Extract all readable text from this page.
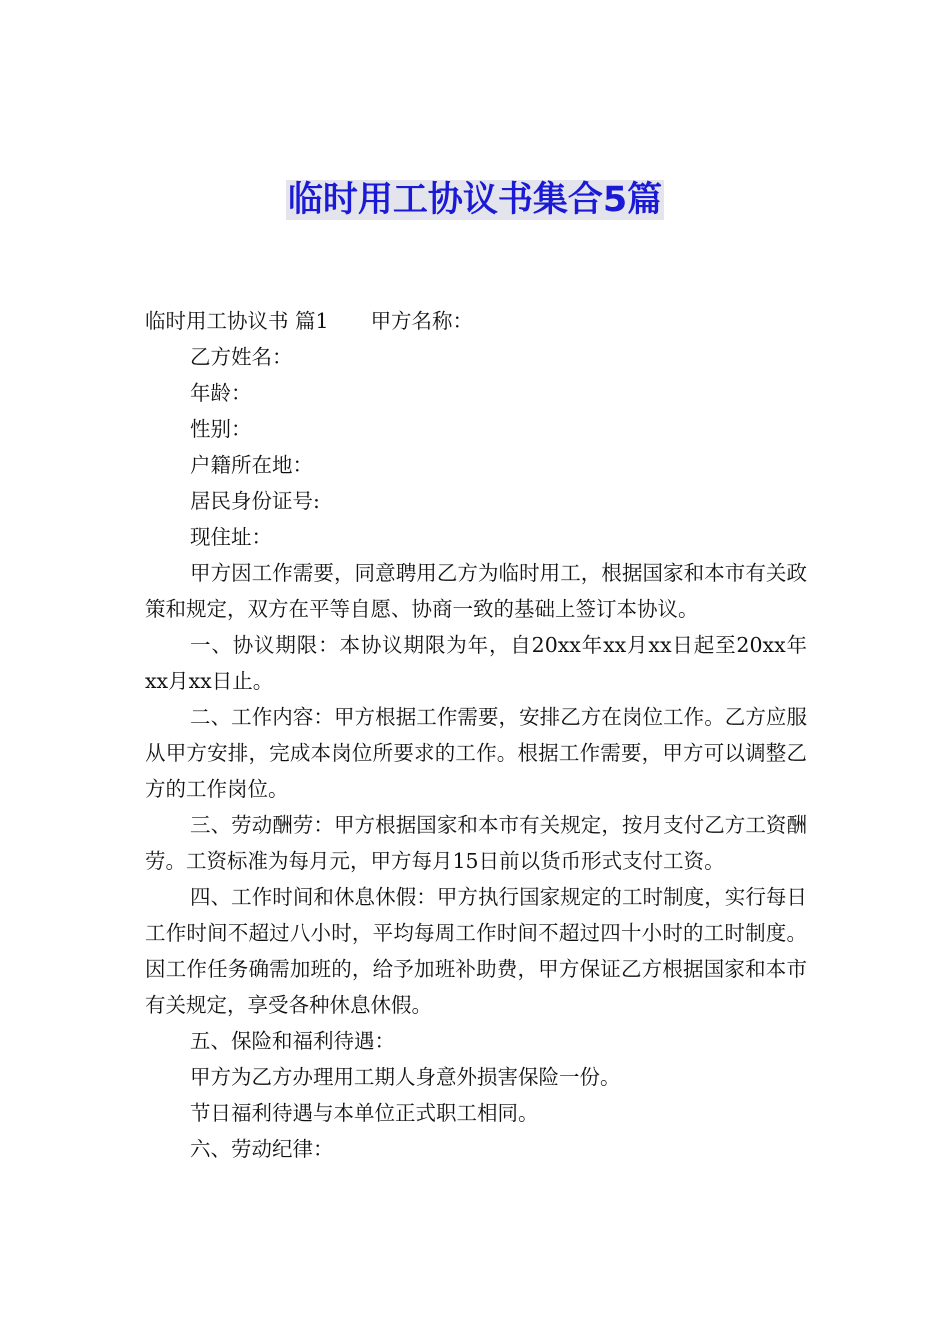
临时用工协议书集合5篇

临时用工协议书 篇1 甲方名称：

乙方姓名：

年龄：

性别：

户籍所在地：

居民身份证号:

现住址：

甲方因工作需要，同意聘用乙方为临时用工，根据国家和本市有关政策和规定，双方在平等自愿、协商一致的基础上签订本协议。

一、协议期限：本协议期限为年，自20xx年xx月xx日起至20xx年xx月xx日止。

二、工作内容：甲方根据工作需要，安排乙方在岗位工作。乙方应服从甲方安排，完成本岗位所要求的工作。根据工作需要，甲方可以调整乙方的工作岗位。

三、劳动酬劳：甲方根据国家和本市有关规定，按月支付乙方工资酬劳。工资标准为每月元，甲方每月15日前以货币形式支付工资。

四、工作时间和休息休假：甲方执行国家规定的工时制度，实行每日工作时间不超过八小时，平均每周工作时间不超过四十小时的工时制度。因工作任务确需加班的，给予加班补助费，甲方保证乙方根据国家和本市有关规定，享受各种休息休假。

五、保险和福利待遇：

甲方为乙方办理用工期人身意外损害保险一份。

节日福利待遇与本单位正式职工相同。

六、劳动纪律：
